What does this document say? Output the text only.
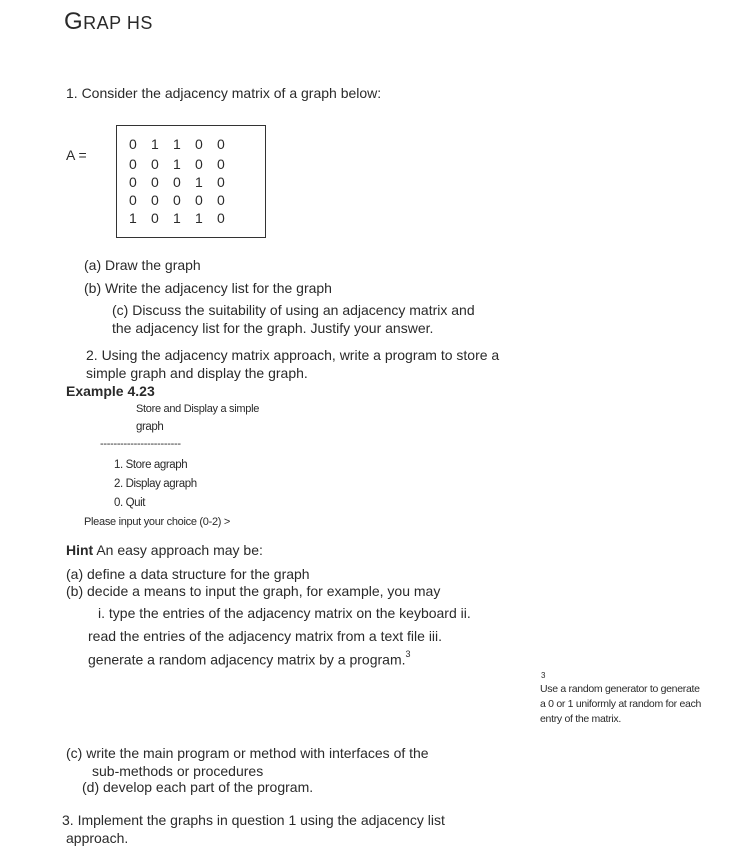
GRAP HS
1. Consider the adjacency matrix of a graph below:
A =
0	1	1	0	0
0	0	1	0	0
0	0	0	1	0
0	0	0	0	0
1	0	1	1	0
(a) Draw the graph
(b) Write the adjacency list for the graph
(c) Discuss the suitability of using an adjacency matrix and
the adjacency list for the graph. Justify your answer.
2. Using the adjacency matrix approach, write a program to store a
simple graph and display the graph.
Example 4.23
Store and Display a simple
graph
------------------------
1. Store agraph
2. Display agraph
0. Quit
Please input your choice (0-2) >
Hint An easy approach may be:
(a) define a data structure for the graph
(b) decide a means to input the graph, for example, you may
i. type the entries of the adjacency matrix on the keyboard ii.
read the entries of the adjacency matrix from a text file iii.
generate a random adjacency matrix by a program.$^3$
3
Use a random generator to generate
a 0 or 1 uniformly at random for each
entry of the matrix.
(c) write the main program or method with interfaces of the
sub-methods or procedures
(d) develop each part of the program.
3. Implement the graphs in question 1 using the adjacency list
approach.
